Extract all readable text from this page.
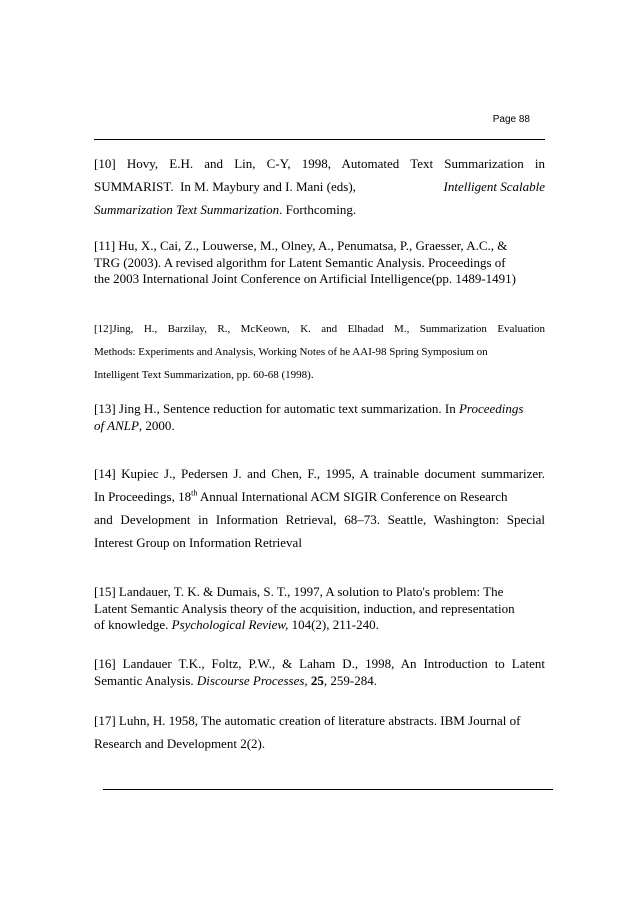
Page 88
[10] Hovy, E.H. and Lin, C-Y, 1998, Automated Text Summarization in
SUMMARIST.  In M. Maybury and I. Mani (eds),	Intelligent Scalable
Summarization Text Summarization. Forthcoming.
[11] Hu, X., Cai, Z., Louwerse, M., Olney, A., Penumatsa, P., Graesser, A.C., &
TRG (2003). A revised algorithm for Latent Semantic Analysis. Proceedings of
the 2003 International Joint Conference on Artificial Intelligence(pp. 1489-1491)
[12]Jing, H., Barzilay, R., McKeown, K. and Elhadad M., Summarization Evaluation
Methods: Experiments and Analysis, Working Notes of he AAI-98 Spring Symposium on
Intelligent Text Summarization, pp. 60-68 (1998).
[13] Jing H., Sentence reduction for automatic text summarization. In Proceedings
of ANLP, 2000.
[14] Kupiec J., Pedersen J. and Chen, F., 1995, A trainable document summarizer.
In Proceedings, 18th Annual International ACM SIGIR Conference on Research
and Development in Information Retrieval, 68–73. Seattle, Washington: Special
Interest Group on Information Retrieval
[15] Landauer, T. K. & Dumais, S. T., 1997, A solution to Plato's problem: The
Latent Semantic Analysis theory of the acquisition, induction, and representation
of knowledge. Psychological Review, 104(2), 211-240.
[16] Landauer T.K., Foltz, P.W., & Laham D., 1998, An Introduction to Latent
Semantic Analysis. Discourse Processes, 25, 259-284.
[17] Luhn, H. 1958, The automatic creation of literature abstracts. IBM Journal of
Research and Development 2(2).
